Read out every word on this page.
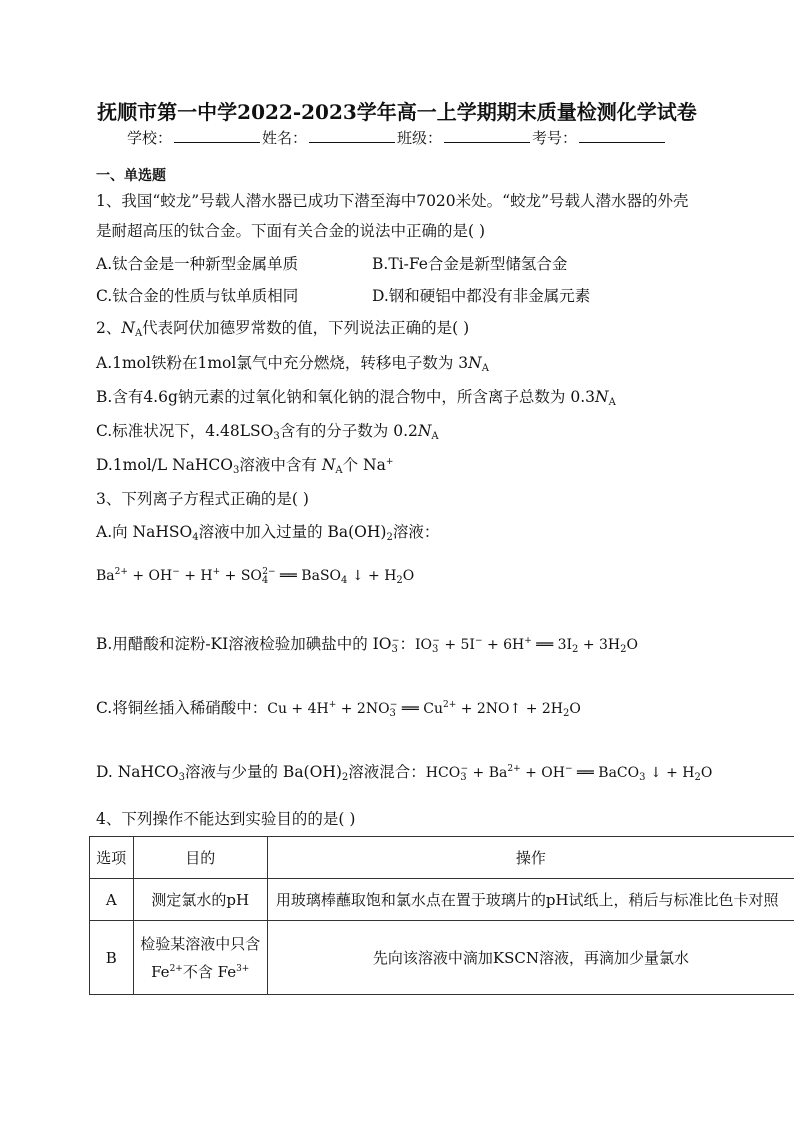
抚顺市第一中学2022-2023学年高一上学期期末质量检测化学试卷
学校：	姓名：	班级：	考号：
一、单选题
1、我国“蛟龙”号载人潜水器已成功下潜至海中7020米处。“蛟龙”号载人潜水器的外壳
是耐超高压的钛合金。下面有关合金的说法中正确的是( )
A.钛合金是一种新型金属单质	B.Ti-Fe合金是新型储氢合金
C.钛合金的性质与钛单质相同	D.钢和硬铝中都没有非金属元素
2、$N_A$代表阿伏加德罗常数的值，下列说法正确的是( )
A.1mol铁粉在1mol氯气中充分燃烧，转移电子数为 $3N_A$
B.含有4.6g钠元素的过氧化钠和氧化钠的混合物中，所含离子总数为 $0.3N_A$
C.标准状况下，$4.48LSO_3$含有的分子数为 $0.2N_A$
D.1mol/L NaHCO$_3$溶液中含有 $N_A$个 Na+
3、下列离子方程式正确的是( )
A.向 NaHSO$_4$溶液中加入过量的 $Ba(OH)_2$溶液：
$Ba^{2+} + OH^- + H^+ + SO_4^{2-}$ ══ BaSO$_4$ ↓ + $H_2O$
B.用醋酸和淀粉-KI溶液检验加碘盐中的 $IO_3^-$：$IO_3^- + 5I^- + 6H^+$ ══ $3I_2 + 3H_2O$
C.将铜丝插入稀硝酸中：$Cu + 4H^+ + 2NO_3^-$ ══ $Cu^{2+}$ + 2NO↑ + $2H_2O$
D. NaHCO$_3$溶液与少量的 $Ba(OH)_2$溶液混合：$HCO_3^- + Ba^{2+} + OH^-$ ══ BaCO$_3$ ↓ + $H_2O$
4、下列操作不能达到实验目的的是( )
选项	目的	操作
A	测定氯水的pH	用玻璃棒蘸取饱和氯水点在置于玻璃片的pH试纸上，稍后与标准比色卡对照
B	检验某溶液中只含
$Fe^{2+}$不含 $Fe^{3+}$	先向该溶液中滴加KSCN溶液，再滴加少量氯水
